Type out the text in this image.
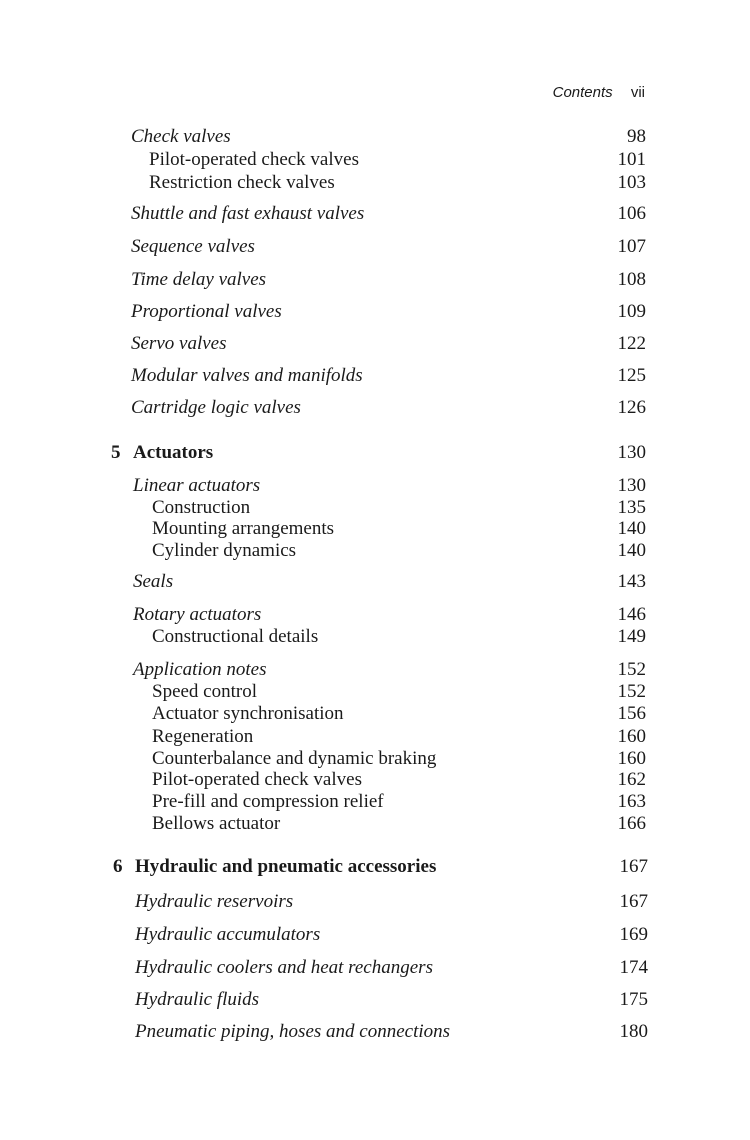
Contents vii
Check valves	98
Pilot-operated check valves	101
Restriction check valves	103
Shuttle and fast exhaust valves	106
Sequence valves	107
Time delay valves	108
Proportional valves	109
Servo valves	122
Modular valves and manifolds	125
Cartridge logic valves	126
5 Actuators	130
Linear actuators	130
Construction	135
Mounting arrangements	140
Cylinder dynamics	140
Seals	143
Rotary actuators	146
Constructional details	149
Application notes	152
Speed control	152
Actuator synchronisation	156
Regeneration	160
Counterbalance and dynamic braking	160
Pilot-operated check valves	162
Pre-fill and compression relief	163
Bellows actuator	166
6 Hydraulic and pneumatic accessories	167
Hydraulic reservoirs	167
Hydraulic accumulators	169
Hydraulic coolers and heat rechangers	174
Hydraulic fluids	175
Pneumatic piping, hoses and connections	180
